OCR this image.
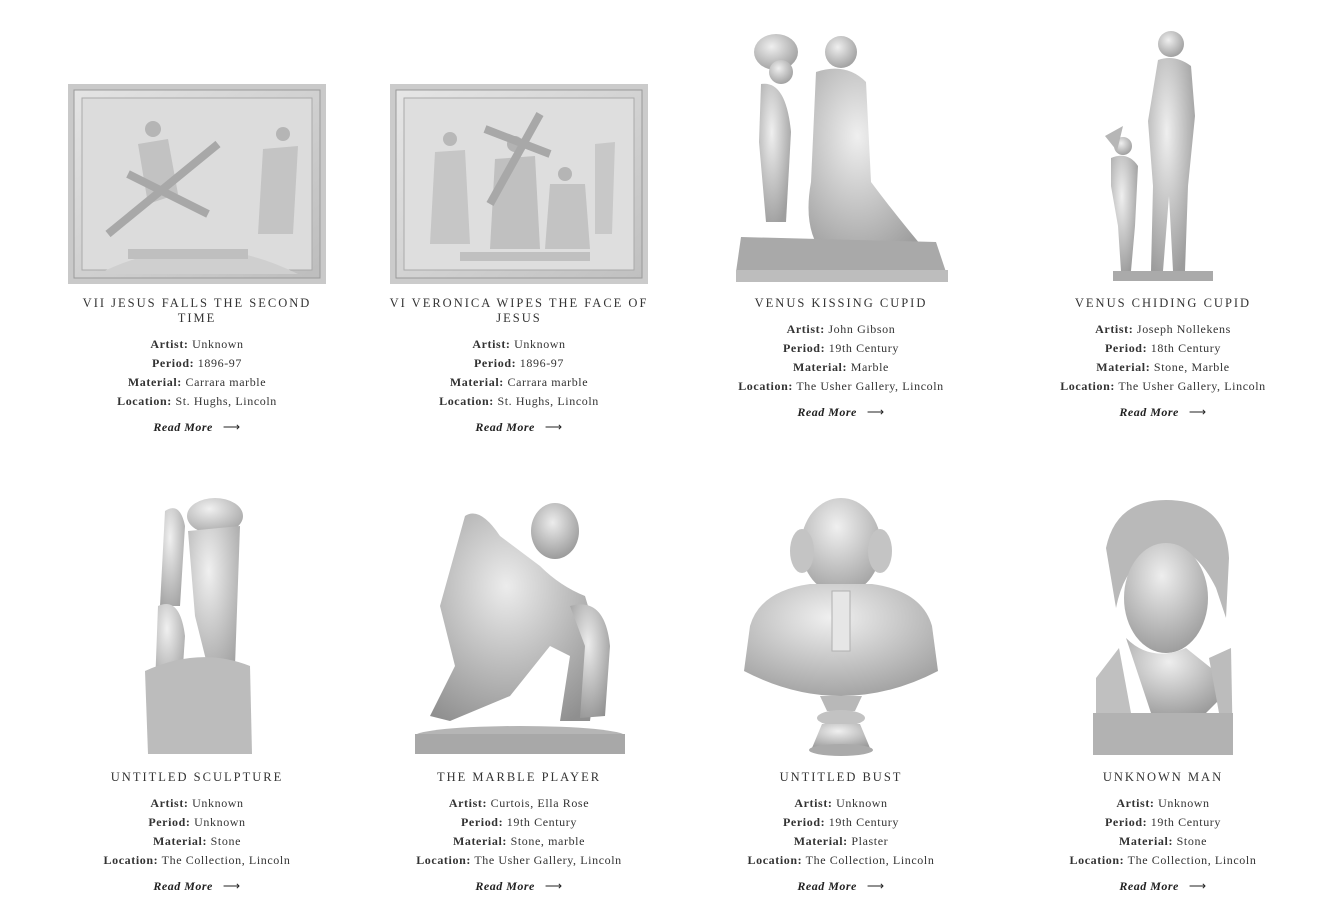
VII JESUS FALLS THE SECOND TIME
Artist: Unknown
Period: 1896-97
Material: Carrara marble
Location: St. Hughs, Lincoln
Read More ⟶
VI VERONICA WIPES THE FACE OF JESUS
Artist: Unknown
Period: 1896-97
Material: Carrara marble
Location: St. Hughs, Lincoln
Read More ⟶
VENUS KISSING CUPID
Artist: John Gibson
Period: 19th Century
Material: Marble
Location: The Usher Gallery, Lincoln
Read More ⟶
VENUS CHIDING CUPID
Artist: Joseph Nollekens
Period: 18th Century
Material: Stone, Marble
Location: The Usher Gallery, Lincoln
Read More ⟶
UNTITLED SCULPTURE
Artist: Unknown
Period: Unknown
Material: Stone
Location: The Collection, Lincoln
Read More ⟶
THE MARBLE PLAYER
Artist: Curtois, Ella Rose
Period: 19th Century
Material: Stone, marble
Location: The Usher Gallery, Lincoln
Read More ⟶
UNTITLED BUST
Artist: Unknown
Period: 19th Century
Material: Plaster
Location: The Collection, Lincoln
Read More ⟶
UNKNOWN MAN
Artist: Unknown
Period: 19th Century
Material: Stone
Location: The Collection, Lincoln
Read More ⟶
